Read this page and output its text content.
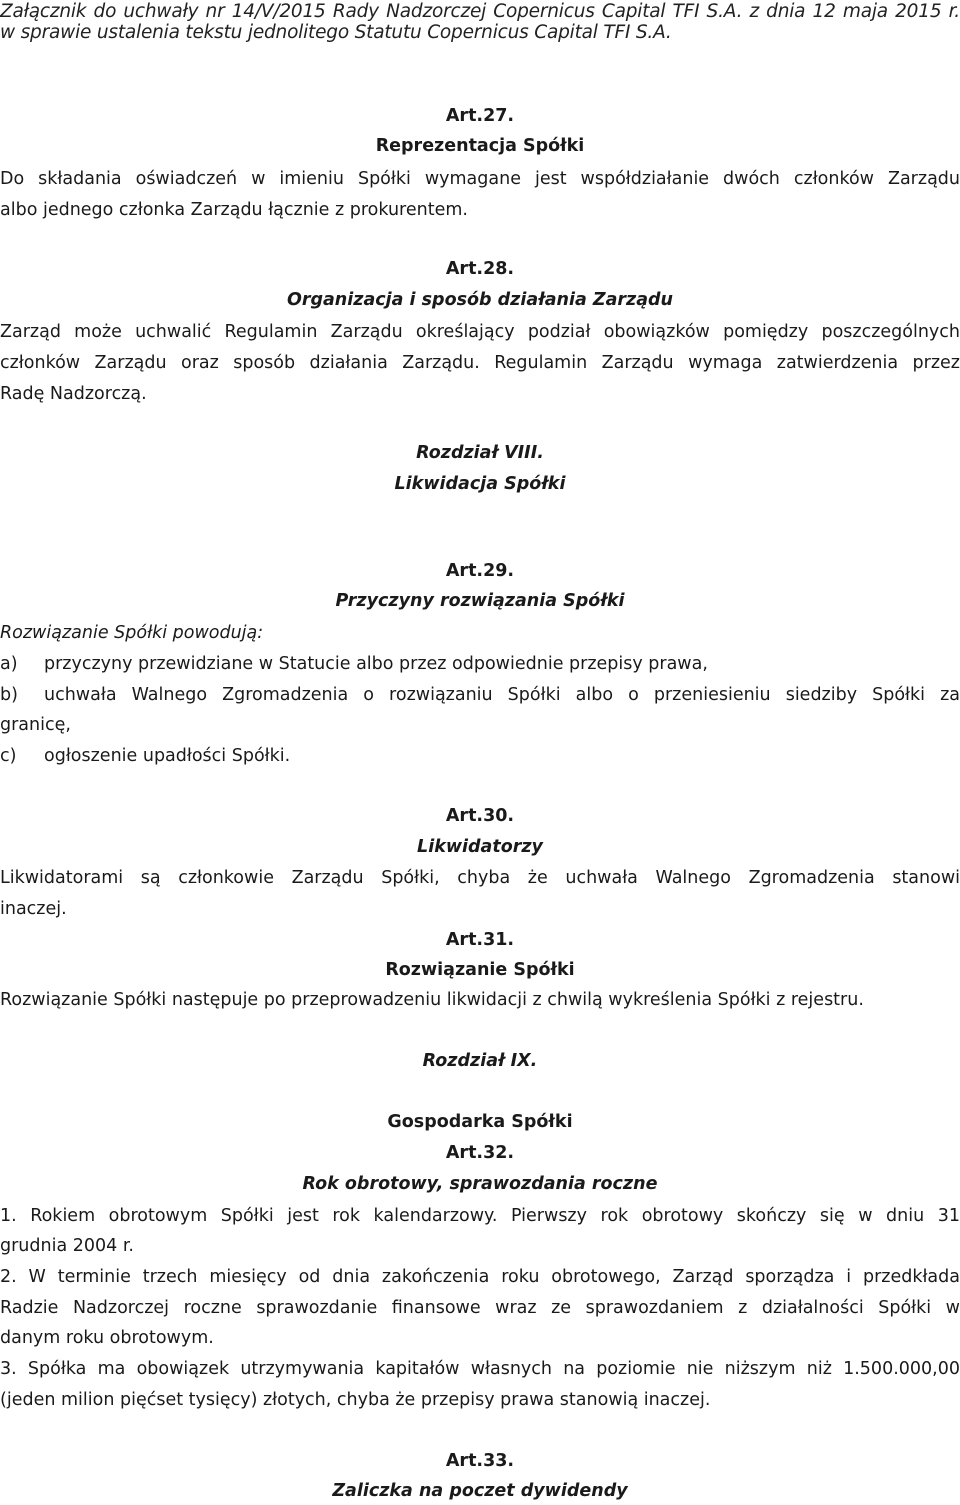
Załącznik do uchwały nr 14/V/2015 Rady Nadzorczej Copernicus Capital TFI S.A. z dnia 12 maja 2015 r.
w sprawie ustalenia tekstu jednolitego Statutu Copernicus Capital TFI S.A.
Art.27.
Reprezentacja Spółki
Do składania oświadczeń w imieniu Spółki wymagane jest współdziałanie dwóch członków Zarządu
albo jednego członka Zarządu łącznie z prokurentem.
Art.28.
Organizacja i sposób działania Zarządu
Zarząd może uchwalić Regulamin Zarządu określający podział obowiązków pomiędzy poszczególnych
członków Zarządu oraz sposób działania Zarządu. Regulamin Zarządu wymaga zatwierdzenia przez
Radę Nadzorczą.
Rozdział VIII.
Likwidacja Spółki
Art.29.
Przyczyny rozwiązania Spółki
Rozwiązanie Spółki powodują:
a) przyczyny przewidziane w Statucie albo przez odpowiednie przepisy prawa,
b) uchwała Walnego Zgromadzenia o rozwiązaniu Spółki albo o przeniesieniu siedziby Spółki za
granicę,
c) ogłoszenie upadłości Spółki.
Art.30.
Likwidatorzy
Likwidatorami są członkowie Zarządu Spółki, chyba że uchwała Walnego Zgromadzenia stanowi
inaczej.
Art.31.
Rozwiązanie Spółki
Rozwiązanie Spółki następuje po przeprowadzeniu likwidacji z chwilą wykreślenia Spółki z rejestru.
Rozdział IX.
Gospodarka Spółki
Art.32.
Rok obrotowy, sprawozdania roczne
1. Rokiem obrotowym Spółki jest rok kalendarzowy. Pierwszy rok obrotowy skończy się w dniu 31
grudnia 2004 r.
2. W terminie trzech miesięcy od dnia zakończenia roku obrotowego, Zarząd sporządza i przedkłada
Radzie Nadzorczej roczne sprawozdanie finansowe wraz ze sprawozdaniem z działalności Spółki w
danym roku obrotowym.
3. Spółka ma obowiązek utrzymywania kapitałów własnych na poziomie nie niższym niż 1.500.000,00
(jeden milion pięćset tysięcy) złotych, chyba że przepisy prawa stanowią inaczej.
Art.33.
Zaliczka na poczet dywidendy
